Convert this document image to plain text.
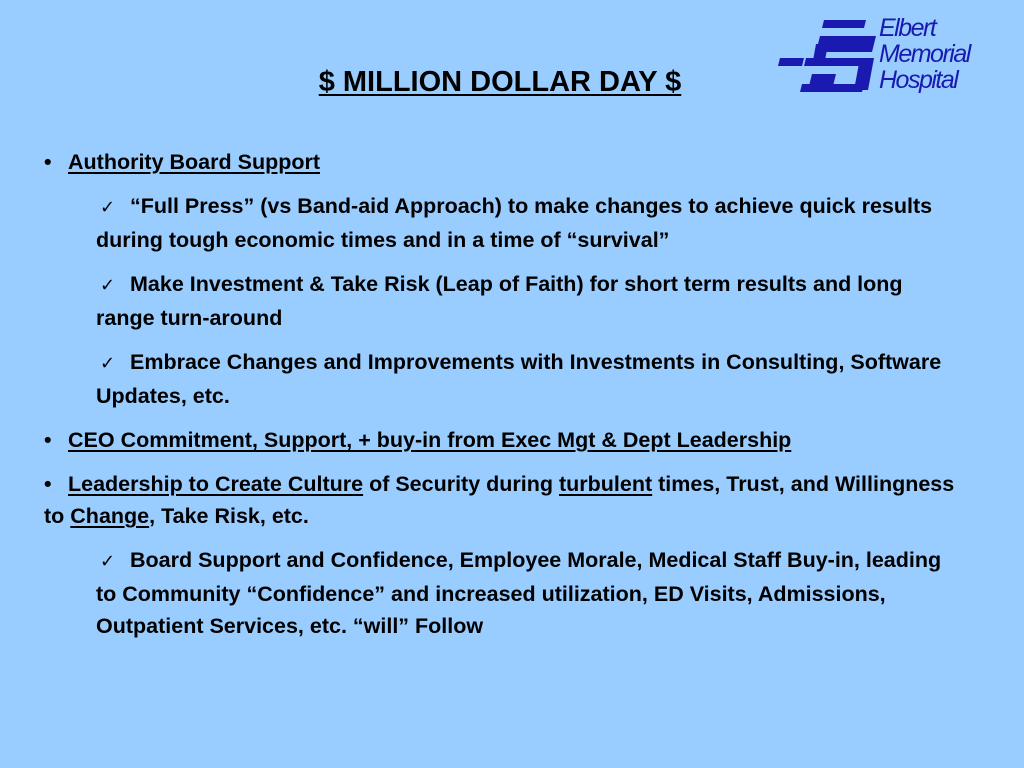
$ MILLION DOLLAR DAY $
Elbert
Memorial
Hospital
• Authority Board Support
✓ “Full Press” (vs Band-aid Approach) to make changes to achieve quick results during tough economic times and in a time of “survival”
✓ Make Investment & Take Risk (Leap of Faith) for short term results and long range turn-around
✓ Embrace Changes and Improvements with Investments in Consulting, Software Updates, etc.
• CEO Commitment, Support, + buy-in from Exec Mgt & Dept Leadership
• Leadership to Create Culture of Security during turbulent times, Trust, and Willingness to Change, Take Risk, etc.
✓ Board Support and Confidence, Employee Morale, Medical Staff Buy-in, leading to Community “Confidence” and increased utilization, ED Visits, Admissions, Outpatient Services, etc. “will” Follow
